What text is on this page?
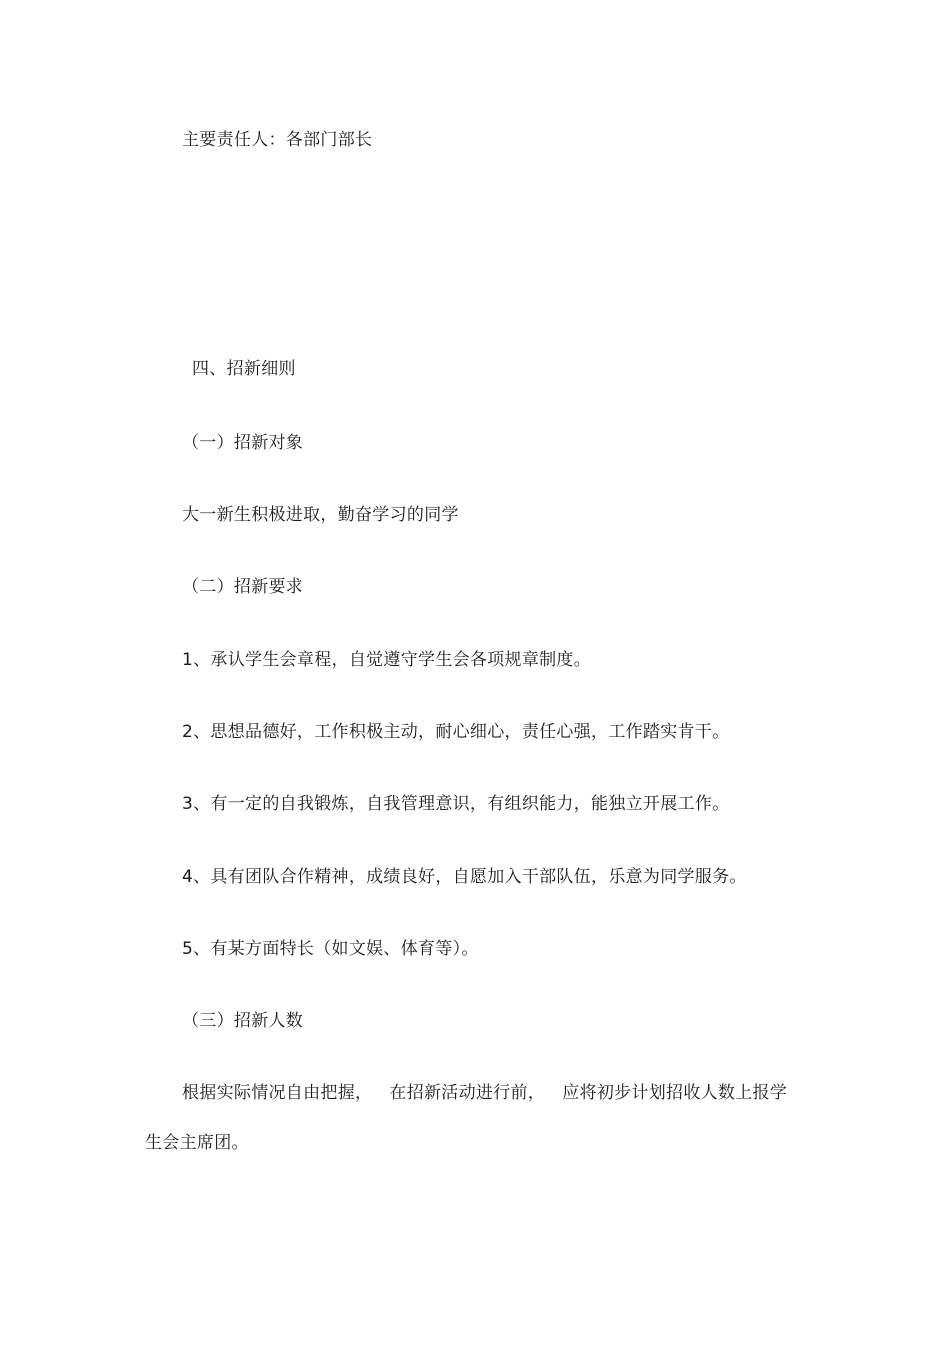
主要责任人：各部门部长
四、招新细则
（一）招新对象
大一新生积极进取，勤奋学习的同学
（二）招新要求
1、承认学生会章程，自觉遵守学生会各项规章制度。
2、思想品德好，工作积极主动，耐心细心，责任心强，工作踏实肯干。
3、有一定的自我锻炼，自我管理意识，有组织能力，能独立开展工作。
4、具有团队合作精神，成绩良好，自愿加入干部队伍，乐意为同学服务。
5、有某方面特长（如文娱、体育等）。
（三）招新人数
根据实际情况自由把握，   在招新活动进行前，   应将初步计划招收人数上报学
生会主席团。
